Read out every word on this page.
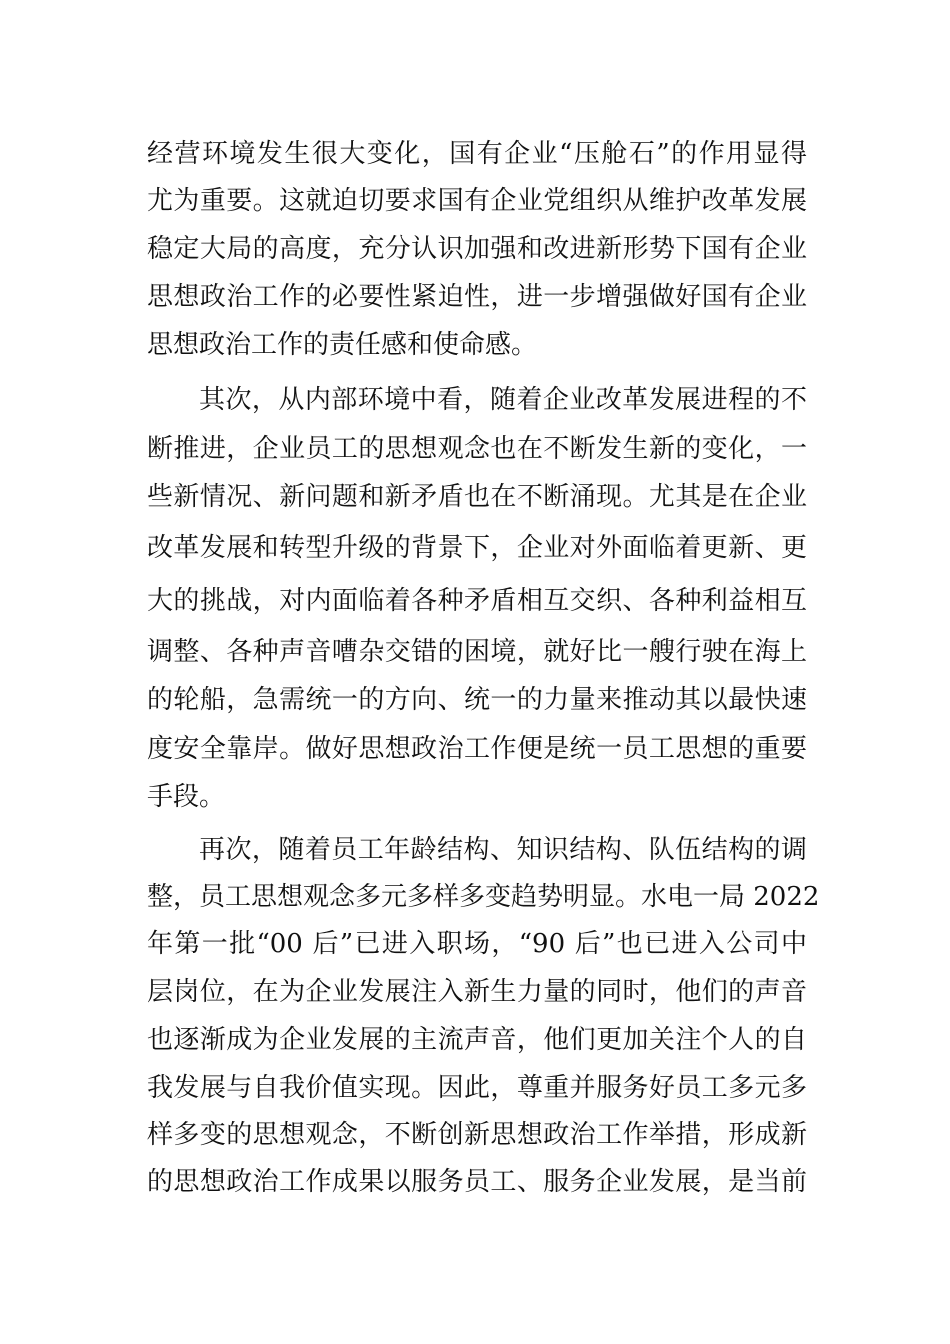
经营环境发生很大变化，国有企业“压舱石”的作用显得
尤为重要。这就迫切要求国有企业党组织从维护改革发展
稳定大局的高度，充分认识加强和改进新形势下国有企业
思想政治工作的必要性紧迫性，进一步增强做好国有企业
思想政治工作的责任感和使命感。
其次，从内部环境中看，随着企业改革发展进程的不
断推进，企业员工的思想观念也在不断发生新的变化，一
些新情况、新问题和新矛盾也在不断涌现。尤其是在企业
改革发展和转型升级的背景下，企业对外面临着更新、更
大的挑战，对内面临着各种矛盾相互交织、各种利益相互
调整、各种声音嘈杂交错的困境，就好比一艘行驶在海上
的轮船，急需统一的方向、统一的力量来推动其以最快速
度安全靠岸。做好思想政治工作便是统一员工思想的重要
手段。
再次，随着员工年龄结构、知识结构、队伍结构的调
整，员工思想观念多元多样多变趋势明显。水电一局 2022
年第一批“00 后”已进入职场，“90 后”也已进入公司中
层岗位，在为企业发展注入新生力量的同时，他们的声音
也逐渐成为企业发展的主流声音，他们更加关注个人的自
我发展与自我价值实现。因此，尊重并服务好员工多元多
样多变的思想观念，不断创新思想政治工作举措，形成新
的思想政治工作成果以服务员工、服务企业发展，是当前
